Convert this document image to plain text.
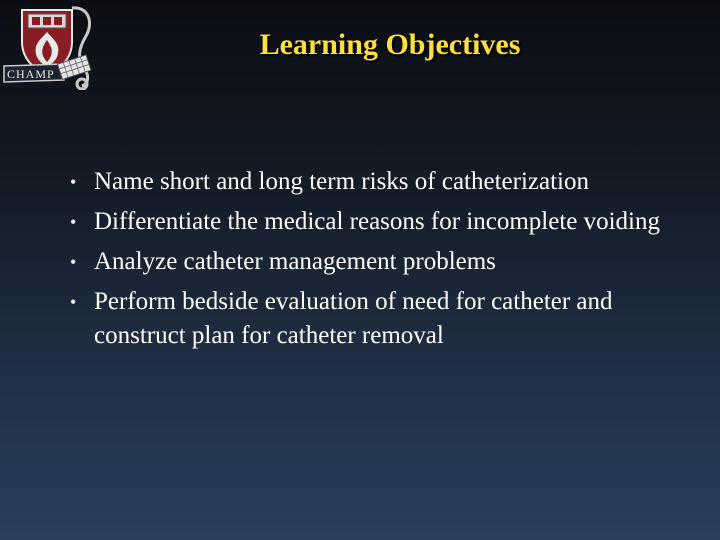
CHAMP
Learning Objectives
• Name short and long term risks of catheterization
• Differentiate the medical reasons for incomplete voiding
• Analyze catheter management problems
• Perform bedside evaluation of need for catheter and construct plan for catheter removal
